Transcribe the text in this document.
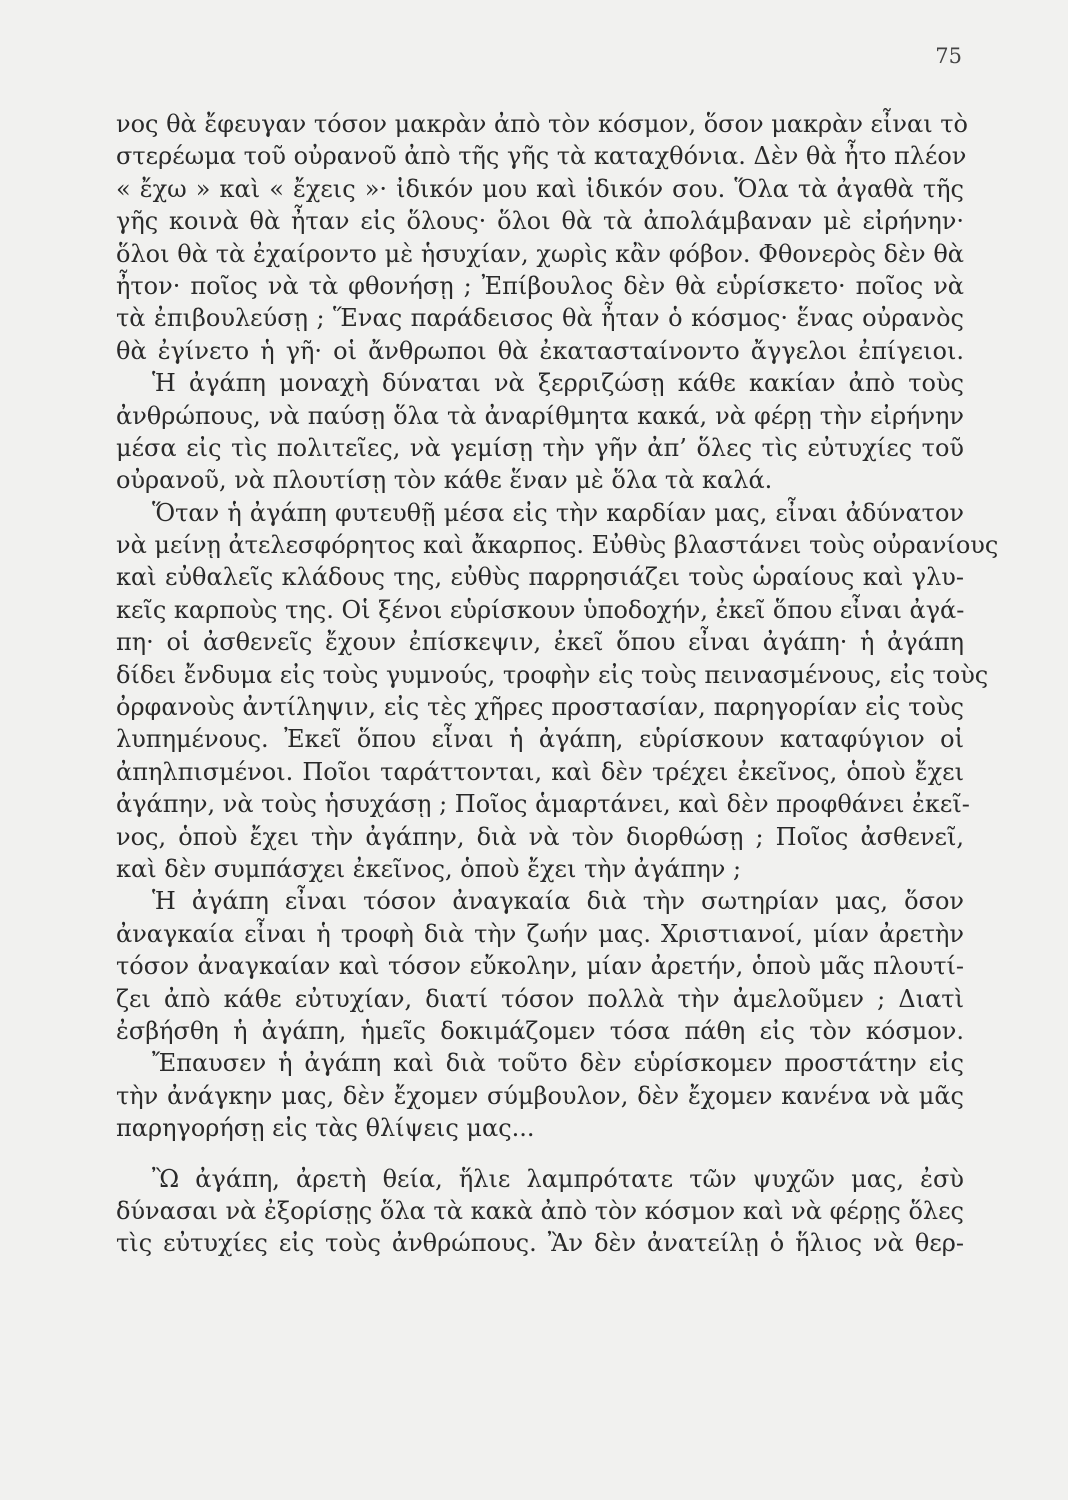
75
νος θὰ ἔφευγαν τόσον μακρὰν ἀπὸ τὸν κόσμον, ὅσον μακρὰν εἶναι τὸ
στερέωμα τοῦ οὐρανοῦ ἀπὸ τῆς γῆς τὰ καταχθόνια. Δὲν θὰ ἦτο πλέον
« ἔχω » καὶ « ἔχεις »· ἰδικόν μου καὶ ἰδικόν σου. Ὅλα τὰ ἀγαθὰ τῆς
γῆς κοινὰ θὰ ἦταν εἰς ὅλους· ὅλοι θὰ τὰ ἀπολάμβαναν μὲ εἰρήνην·
ὅλοι θὰ τὰ ἐχαίροντο μὲ ἡσυχίαν, χωρὶς κἂν φόβον. Φθονερὸς δὲν θὰ
ἦτον· ποῖος νὰ τὰ φθονήσῃ ; Ἐπίβουλος δὲν θὰ εὑρίσκετο· ποῖος νὰ
τὰ ἐπιβουλεύσῃ ; Ἕνας παράδεισος θὰ ἦταν ὁ κόσμος· ἕνας οὐρανὸς
θὰ ἐγίνετο ἡ γῆ· οἱ ἄνθρωποι θὰ ἐκατασταίνοντο ἄγγελοι ἐπίγειοι.
Ἡ ἀγάπη μοναχὴ δύναται νὰ ξερριζώσῃ κάθε κακίαν ἀπὸ τοὺς
ἀνθρώπους, νὰ παύσῃ ὅλα τὰ ἀναρίθμητα κακά, νὰ φέρῃ τὴν εἰρήνην
μέσα εἰς τὶς πολιτεῖες, νὰ γεμίσῃ τὴν γῆν ἀπ’ ὅλες τὶς εὐτυχίες τοῦ
οὐρανοῦ, νὰ πλουτίσῃ τὸν κάθε ἕναν μὲ ὅλα τὰ καλά.
Ὅταν ἡ ἀγάπη φυτευθῇ μέσα εἰς τὴν καρδίαν μας, εἶναι ἀδύνατον
νὰ μείνῃ ἀτελεσφόρητος καὶ ἄκαρπος. Εὐθὺς βλαστάνει τοὺς οὐρανίους
καὶ εὐθαλεῖς κλάδους της, εὐθὺς παρρησιάζει τοὺς ὡραίους καὶ γλυ-
κεῖς καρποὺς της. Οἱ ξένοι εὑρίσκουν ὑποδοχήν, ἐκεῖ ὅπου εἶναι ἀγά-
πη· οἱ ἀσθενεῖς ἔχουν ἐπίσκεψιν, ἐκεῖ ὅπου εἶναι ἀγάπη· ἡ ἀγάπη
δίδει ἔνδυμα εἰς τοὺς γυμνούς, τροφὴν εἰς τοὺς πεινασμένους, εἰς τοὺς
ὀρφανοὺς ἀντίληψιν, εἰς τὲς χῆρες προστασίαν, παρηγορίαν εἰς τοὺς
λυπημένους. Ἐκεῖ ὅπου εἶναι ἡ ἀγάπη, εὑρίσκουν καταφύγιον οἱ
ἀπηλπισμένοι. Ποῖοι ταράττονται, καὶ δὲν τρέχει ἐκεῖνος, ὁποὺ ἔχει
ἀγάπην, νὰ τοὺς ἡσυχάσῃ ; Ποῖος ἁμαρτάνει, καὶ δὲν προφθάνει ἐκεῖ-
νος, ὁποὺ ἔχει τὴν ἀγάπην, διὰ νὰ τὸν διορθώσῃ ; Ποῖος ἀσθενεῖ,
καὶ δὲν συμπάσχει ἐκεῖνος, ὁποὺ ἔχει τὴν ἀγάπην ;
Ἡ ἀγάπη εἶναι τόσον ἀναγκαία διὰ τὴν σωτηρίαν μας, ὅσον
ἀναγκαία εἶναι ἡ τροφὴ διὰ τὴν ζωήν μας. Χριστιανοί, μίαν ἀρετὴν
τόσον ἀναγκαίαν καὶ τόσον εὔκολην, μίαν ἀρετήν, ὁποὺ μᾶς πλουτί-
ζει ἀπὸ κάθε εὐτυχίαν, διατί τόσον πολλὰ τὴν ἀμελοῦμεν ; Διατὶ
ἐσβήσθη ἡ ἀγάπη, ἡμεῖς δοκιμάζομεν τόσα πάθη εἰς τὸν κόσμον.
Ἔπαυσεν ἡ ἀγάπη καὶ διὰ τοῦτο δὲν εὑρίσκομεν προστάτην εἰς
τὴν ἀνάγκην μας, δὲν ἔχομεν σύμβουλον, δὲν ἔχομεν κανένα νὰ μᾶς
παρηγορήσῃ εἰς τὰς θλίψεις μας...
Ὢ ἀγάπη, ἀρετὴ θεία, ἥλιε λαμπρότατε τῶν ψυχῶν μας, ἐσὺ
δύνασαι νὰ ἐξορίσῃς ὅλα τὰ κακὰ ἀπὸ τὸν κόσμον καὶ νὰ φέρῃς ὅλες
τὶς εὐτυχίες εἰς τοὺς ἀνθρώπους. Ἂν δὲν ἀνατείλῃ ὁ ἥλιος νὰ θερ-
